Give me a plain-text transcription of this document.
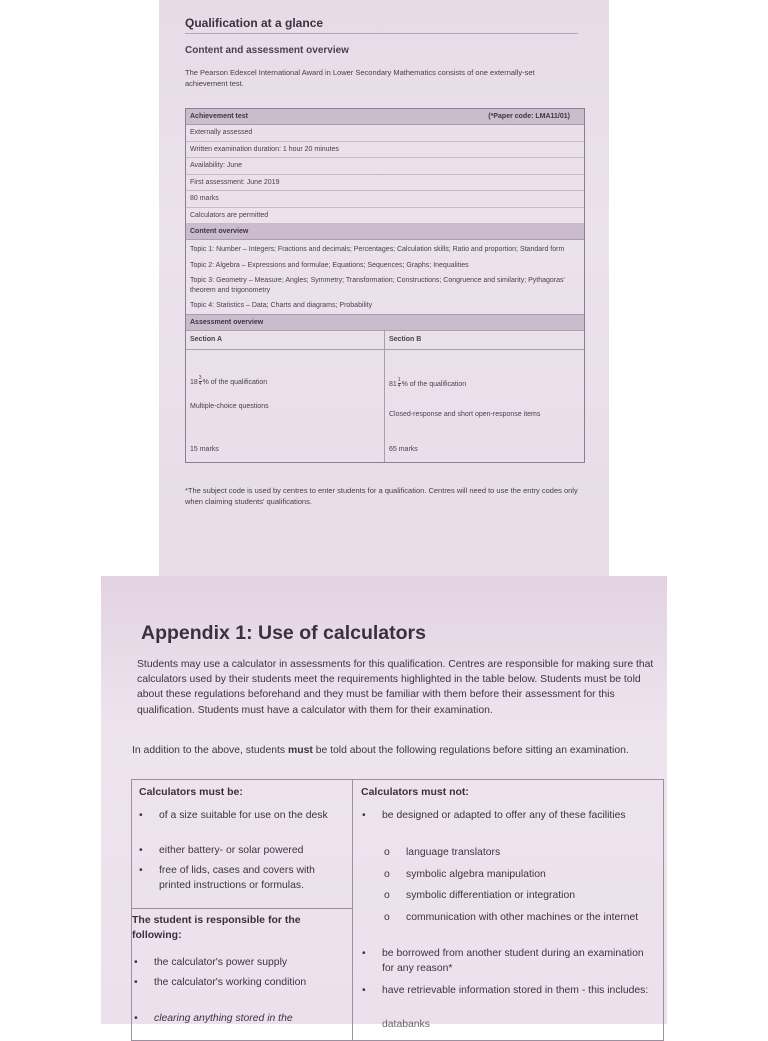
Qualification at a glance
Content and assessment overview
The Pearson Edexcel International Award in Lower Secondary Mathematics consists of one externally-set achievement test.
Achievement test	(*Paper code: LMA11/01)
Externally assessed
Written examination duration: 1 hour 20 minutes
Availability: June
First assessment: June 2019
80 marks
Calculators are permitted
Content overview
Topic 1: Number – Integers; Fractions and decimals; Percentages; Calculation skills; Ratio and proportion; Standard form
Topic 2: Algebra – Expressions and formulae; Equations; Sequences; Graphs; Inequalities
Topic 3: Geometry – Measure; Angles; Symmetry; Transformation; Constructions; Congruence and similarity; Pythagoras' theorem and trigonometry
Topic 4: Statistics – Data; Charts and diagrams; Probability
Assessment overview
Section A	Section B
$18 \frac{3}{4}$ % of the qualification
Multiple-choice questions
15 marks
$81 \frac{1}{4}$ % of the qualification
Closed-response and short open-response items
65 marks
*The subject code is used by centres to enter students for a qualification. Centres will need to use the entry codes only when claiming students' qualifications.
Appendix 1: Use of calculators
Students may use a calculator in assessments for this qualification. Centres are responsible for making sure that calculators used by their students meet the requirements highlighted in the table below. Students must be told about these regulations beforehand and they must be familiar with them before their assessment for this qualification. Students must have a calculator with them for their examination.
In addition to the above, students must be told about the following regulations before sitting an examination.
Calculators must be:
• of a size suitable for use on the desk
• either battery- or solar powered
• free of lids, cases and covers with printed instructions or formulas.
The student is responsible for the following:
• the calculator's power supply
• the calculator's working condition
• clearing anything stored in the
Calculators must not:
• be designed or adapted to offer any of these facilities
o language translators
o symbolic algebra manipulation
o symbolic differentiation or integration
o communication with other machines or the internet
• be borrowed from another student during an examination for any reason*
• have retrievable information stored in them - this includes:
databanks
